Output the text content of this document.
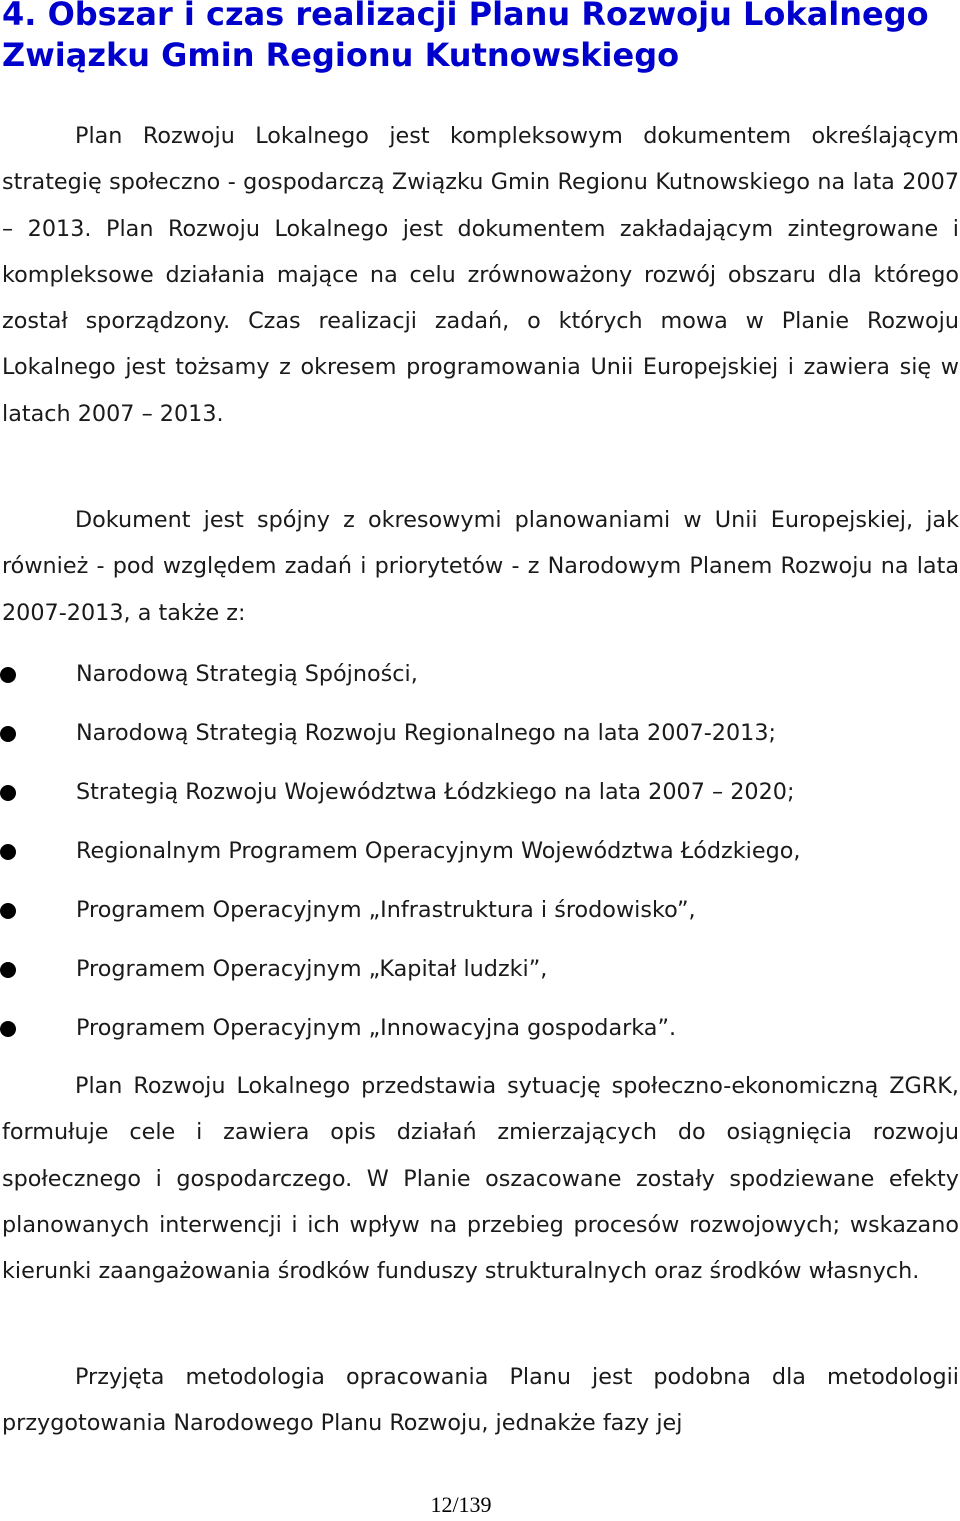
4. Obszar i czas realizacji Planu Rozwoju Lokalnego Związku Gmin Regionu Kutnowskiego

Plan Rozwoju Lokalnego jest kompleksowym dokumentem określającym strategię społeczno - gospodarczą Związku Gmin Regionu Kutnowskiego na lata 2007 – 2013. Plan Rozwoju Lokalnego jest dokumentem zakładającym zintegrowane i kompleksowe działania mające na celu zrównoważony rozwój obszaru dla którego został sporządzony. Czas realizacji zadań, o których mowa w Planie Rozwoju Lokalnego jest tożsamy z okresem programowania Unii Europejskiej i zawiera się w latach 2007 – 2013.

Dokument jest spójny z okresowymi planowaniami w Unii Europejskiej, jak również - pod względem zadań i priorytetów - z Narodowym Planem Rozwoju na lata 2007-2013, a także z:

Narodową Strategią Spójności,
Narodową Strategią Rozwoju Regionalnego na lata 2007-2013;
Strategią Rozwoju Województwa Łódzkiego na lata 2007 – 2020;
Regionalnym Programem Operacyjnym Województwa Łódzkiego,
Programem Operacyjnym „Infrastruktura i środowisko”,
Programem Operacyjnym „Kapitał ludzki”,
Programem Operacyjnym „Innowacyjna gospodarka”.

Plan Rozwoju Lokalnego przedstawia sytuację społeczno-ekonomiczną ZGRK, formułuje cele i zawiera opis działań zmierzających do osiągnięcia rozwoju społecznego i gospodarczego. W Planie oszacowane zostały spodziewane efekty planowanych interwencji i ich wpływ na przebieg procesów rozwojowych; wskazano kierunki zaangażowania środków funduszy strukturalnych oraz środków własnych.

Przyjęta metodologia opracowania Planu jest podobna dla metodologii przygotowania Narodowego Planu Rozwoju, jednakże fazy jej

12/139
